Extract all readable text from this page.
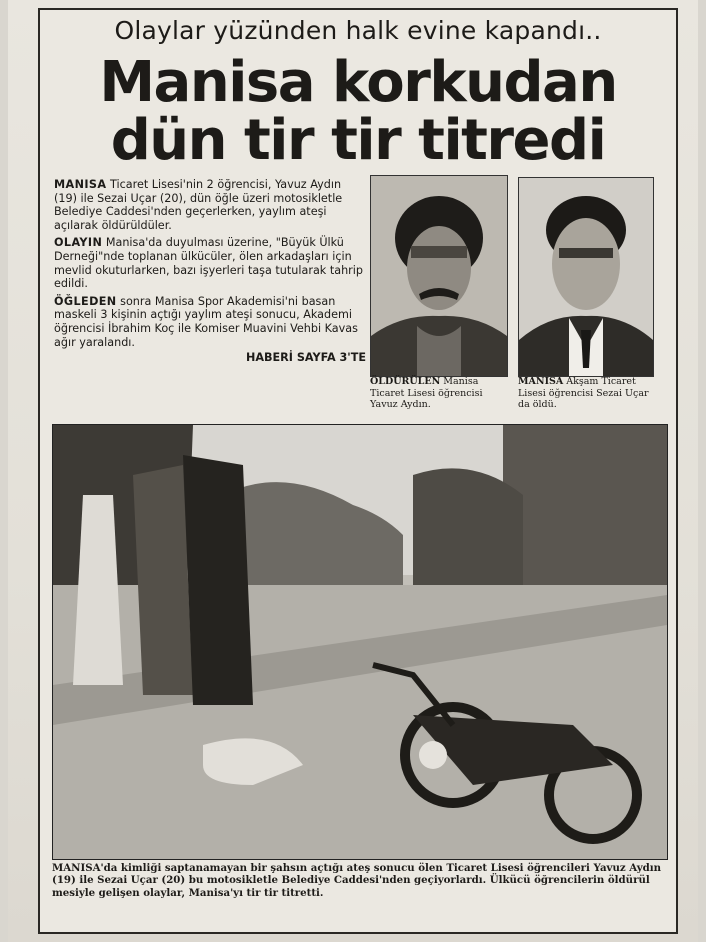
Olaylar yüzünden halk evine kapandı..
Manisa korkudan
dün tir tir titredi

MANISA Ticaret Lisesi'nin 2 öğrencisi, Yavuz Aydın (19) ile Sezai Uçar (20), dün öğle üzeri motosikletle Belediye Caddesi'nden geçerlerken, yaylım ateşi açılarak öldürüldüler.

OLAYIN Manisa'da duyulması üzerine, "Büyük Ülkü Derneği"nde toplanan ülkücüler, ölen arkadaşları için mevlid okuturlarken, bazı işyerleri taşa tutularak tahrip edildi.

ÖĞLEDEN sonra Manisa Spor Akademisi'ni basan maskeli 3 kişinin açtığı yaylım ateşi sonucu, Akademi öğrencisi İbrahim Koç ile Komiser Muavini Vehbi Kavas ağır yaralandı.

HABERİ SAYFA 3'TE
ÖLDÜRÜLEN Manisa Ticaret Lisesi öğrencisi Yavuz Aydın.
MANISA Akşam Ticaret Lisesi öğrencisi Sezai Uçar da öldü.
MANISA'da kimliği saptanamayan bir şahsın açtığı ateş sonucu ölen Ticaret Lisesi öğrencileri Yavuz Aydın (19) ile Sezai Uçar (20) bu motosikletle Belediye Caddesi'nden geçiyorlardı. Ülkücü öğrencilerin öldürül mesiyle gelişen olaylar, Manisa'yı tir tir titretti.
